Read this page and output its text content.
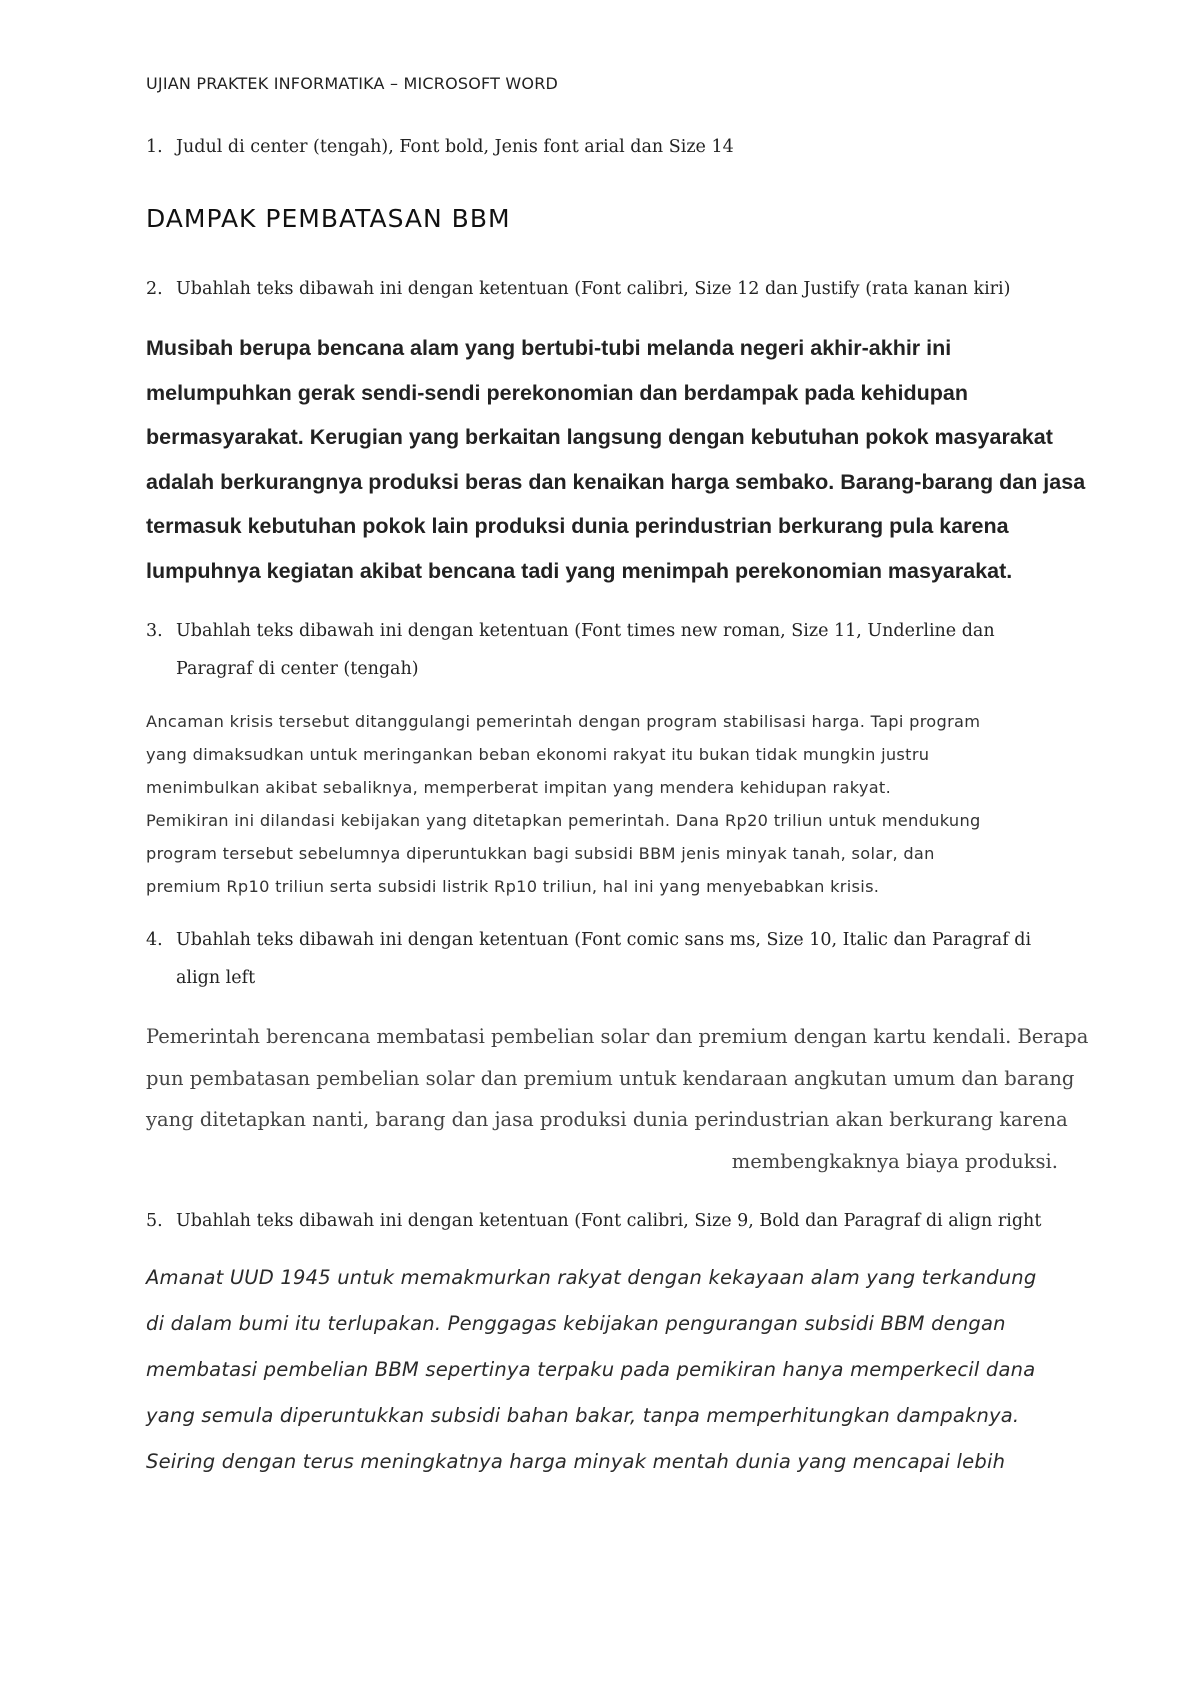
UJIAN PRAKTEK INFORMATIKA – MICROSOFT WORD
1. Judul di center (tengah), Font bold, Jenis font arial dan Size 14
DAMPAK PEMBATASAN BBM
2. Ubahlah teks dibawah ini dengan ketentuan (Font calibri, Size 12 dan Justify (rata kanan kiri)
Musibah berupa bencana alam yang bertubi-tubi melanda negeri akhir-akhir ini
melumpuhkan gerak sendi-sendi perekonomian dan berdampak pada kehidupan
bermasyarakat. Kerugian yang berkaitan langsung dengan kebutuhan pokok masyarakat
adalah berkurangnya produksi beras dan kenaikan harga sembako. Barang-barang dan jasa
termasuk kebutuhan pokok lain produksi dunia perindustrian berkurang pula karena
lumpuhnya kegiatan akibat bencana tadi yang menimpah perekonomian masyarakat.
3. Ubahlah teks dibawah ini dengan ketentuan (Font times new roman, Size 11, Underline dan
Paragraf di center (tengah)
Ancaman krisis tersebut ditanggulangi pemerintah dengan program stabilisasi harga. Tapi program
yang dimaksudkan untuk meringankan beban ekonomi rakyat itu bukan tidak mungkin justru
menimbulkan akibat sebaliknya, memperberat impitan yang mendera kehidupan rakyat.
Pemikiran ini dilandasi kebijakan yang ditetapkan pemerintah. Dana Rp20 triliun untuk mendukung
program tersebut sebelumnya diperuntukkan bagi subsidi BBM jenis minyak tanah, solar, dan
premium Rp10 triliun serta subsidi listrik Rp10 triliun, hal ini yang menyebabkan krisis.
4. Ubahlah teks dibawah ini dengan ketentuan (Font comic sans ms, Size 10, Italic dan Paragraf di
align left
Pemerintah berencana membatasi pembelian solar dan premium dengan kartu kendali. Berapa
pun pembatasan pembelian solar dan premium untuk kendaraan angkutan umum dan barang
yang ditetapkan nanti, barang dan jasa produksi dunia perindustrian akan berkurang karena
membengkaknya biaya produksi.
5. Ubahlah teks dibawah ini dengan ketentuan (Font calibri, Size 9, Bold dan Paragraf di align right
Amanat UUD 1945 untuk memakmurkan rakyat dengan kekayaan alam yang terkandung
di dalam bumi itu terlupakan. Penggagas kebijakan pengurangan subsidi BBM dengan
membatasi pembelian BBM sepertinya terpaku pada pemikiran hanya memperkecil dana
yang semula diperuntukkan subsidi bahan bakar, tanpa memperhitungkan dampaknya.
Seiring dengan terus meningkatnya harga minyak mentah dunia yang mencapai lebih
